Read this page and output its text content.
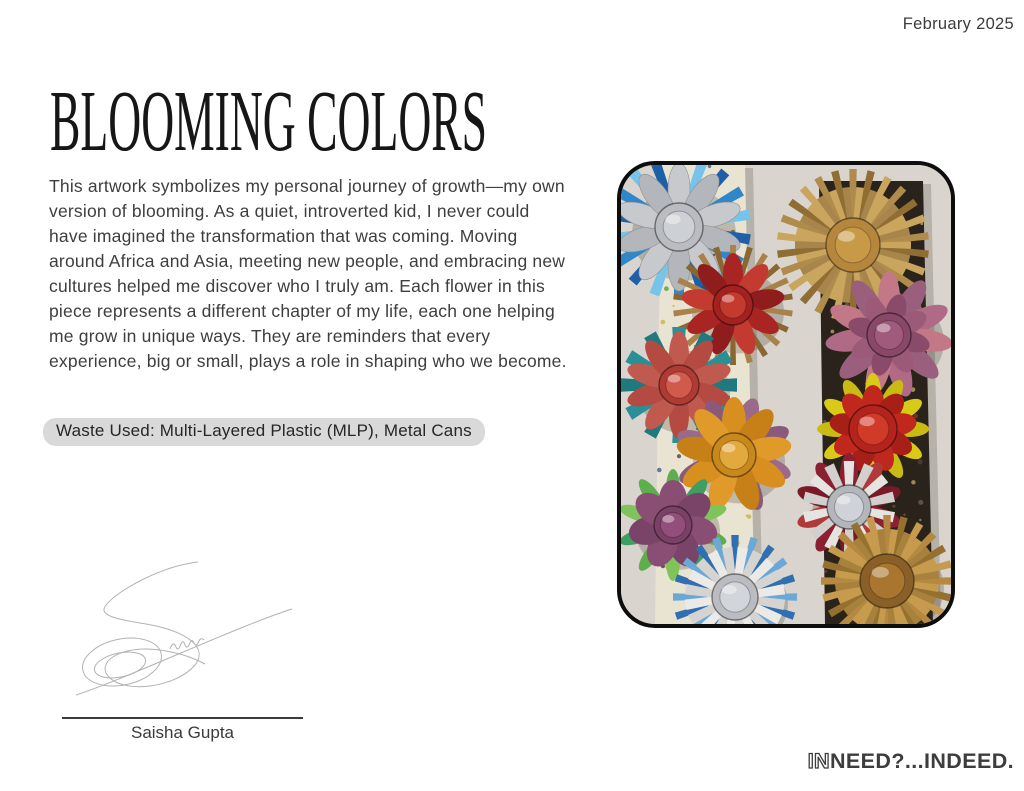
February 2025
BLOOMING COLORS

This artwork symbolizes my personal journey of growth—my own version of blooming. As a quiet, introverted kid, I never could have imagined the transformation that was coming. Moving around Africa and Asia, meeting new people, and embracing new cultures helped me discover who I truly am. Each flower in this piece represents a different chapter of my life, each one helping me grow in unique ways. They are reminders that every experience, big or small, plays a role in shaping who we become.

Waste Used: Multi-Layered Plastic (MLP), Metal Cans
Saisha Gupta
INNEED?...INDEED.
